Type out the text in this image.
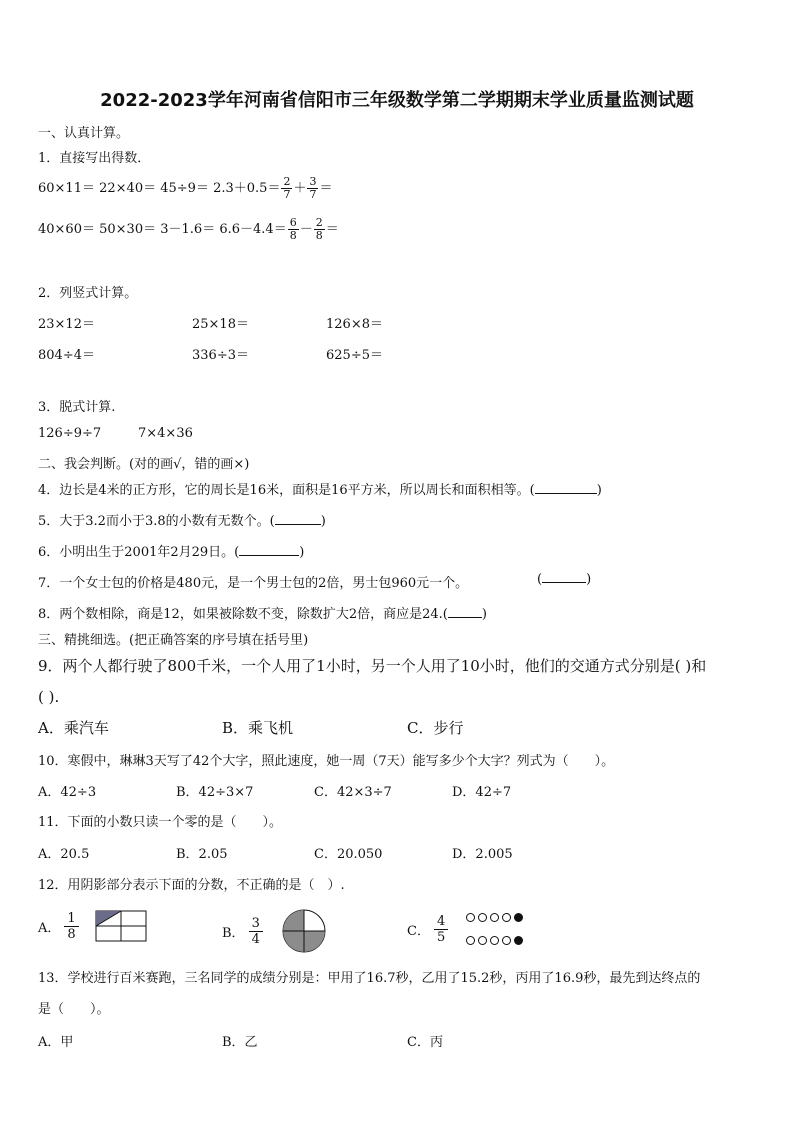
2022-2023学年河南省信阳市三年级数学第二学期期末学业质量监测试题
一、认真计算。
1．直接写出得数．
$60\times 11= 22\times 40= 45\div 9= 2.3+0.5= \frac{2}{7} + \frac{3}{7}$ ＝
$40\times 60= 50\times 30= 3-1.6= 6.6-4.4= \frac{6}{8} - \frac{2}{8}$ ＝
2．列竖式计算。
23×12＝	25×18＝	126×8＝
804÷4＝	336÷3＝	625÷5＝
3．脱式计算.
126÷9÷7	7×4×36
二、我会判断。(对的画√，错的画×)
4．边长是4米的正方形，它的周长是16米，面积是16平方米，所以周长和面积相等。(	)
5．大于3.2而小于3.8的小数有无数个。(	)
6．小明出生于2001年2月29日。(	)
7．一个女士包的价格是480元，是一个男士包的2倍，男士包960元一个。	(	)
8．两个数相除，商是12，如果被除数不变，除数扩大2倍，商应是24.(	)
三、精挑细选。(把正确答案的序号填在括号里)
9．两个人都行驶了800千米，一个人用了1小时，另一个人用了10小时，他们的交通方式分别是( )和
( ).
A．乘汽车	B．乘飞机	C．步行
10．寒假中，琳琳3天写了42个大字，照此速度，她一周（7天）能写多少个大字？列式为（　　）。
A．42÷3	B．42÷3×7	C．42×3÷7	D．42÷7
11．下面的小数只读一个零的是（　　）。
A．20.5	B．2.05	C．20.050	D．2.005
12．用阴影部分表示下面的分数，不正确的是（　）.
A．
1
8	B．
3
4
C．
4
5
13．学校进行百米赛跑，三名同学的成绩分别是：甲用了16.7秒，乙用了15.2秒，丙用了16.9秒，最先到达终点的
是（　　）。
A．甲	B．乙	C．丙
